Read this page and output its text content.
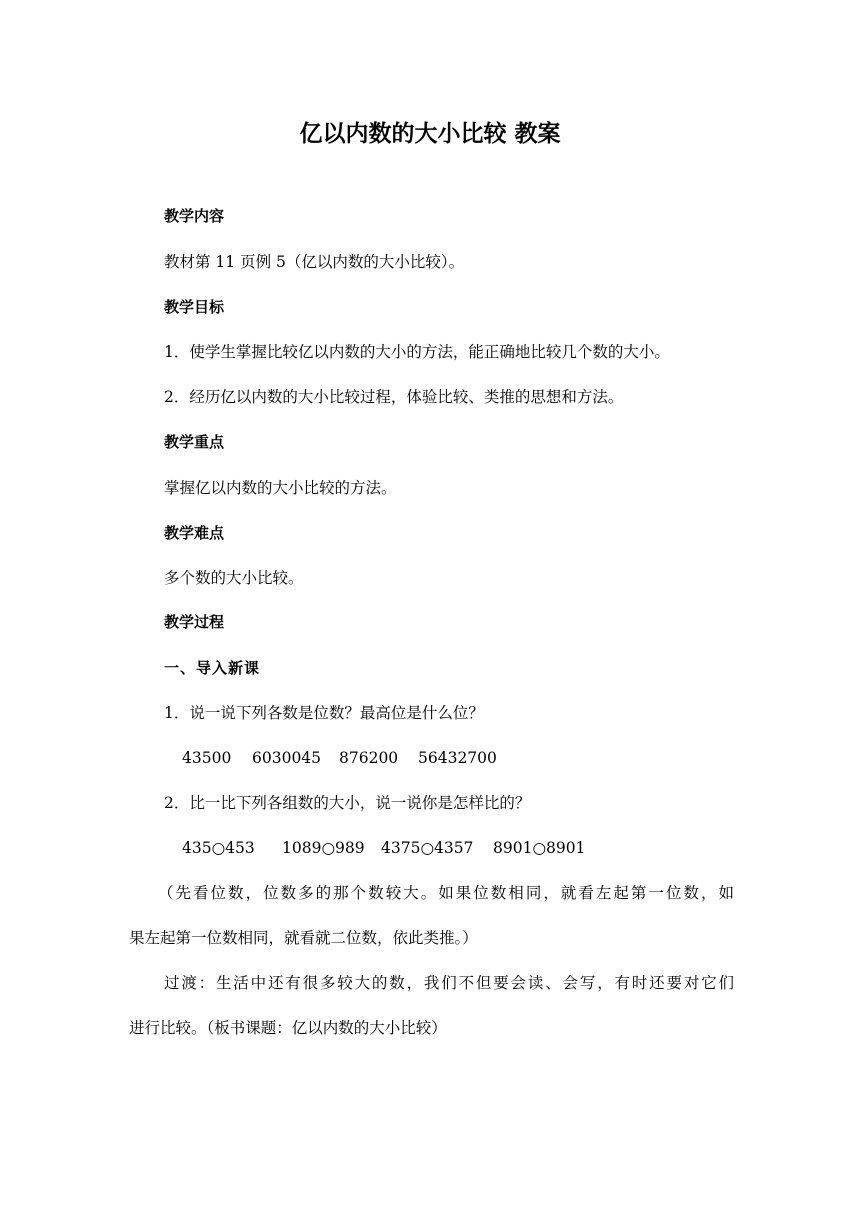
亿以内数的大小比较 教案

教学内容

教材第 11 页例 5（亿以内数的大小比较）。

教学目标

1．使学生掌握比较亿以内数的大小的方法，能正确地比较几个数的大小。

2．经历亿以内数的大小比较过程，体验比较、类推的思想和方法。

教学重点

掌握亿以内数的大小比较的方法。

教学难点

多个数的大小比较。

教学过程

一、导入新课

1．说一说下列各数是位数？最高位是什么位？

43500 6030045 876200 56432700

2．比一比下列各组数的大小，说一说你是怎样比的？

435○453 1089○989 4375○4357 8901○8901

（先看位数，位数多的那个数较大。如果位数相同，就看左起第一位数，如

果左起第一位数相同，就看就二位数，依此类推。）

过渡：生活中还有很多较大的数，我们不但要会读、会写，有时还要对它们

进行比较。（板书课题：亿以内数的大小比较）
